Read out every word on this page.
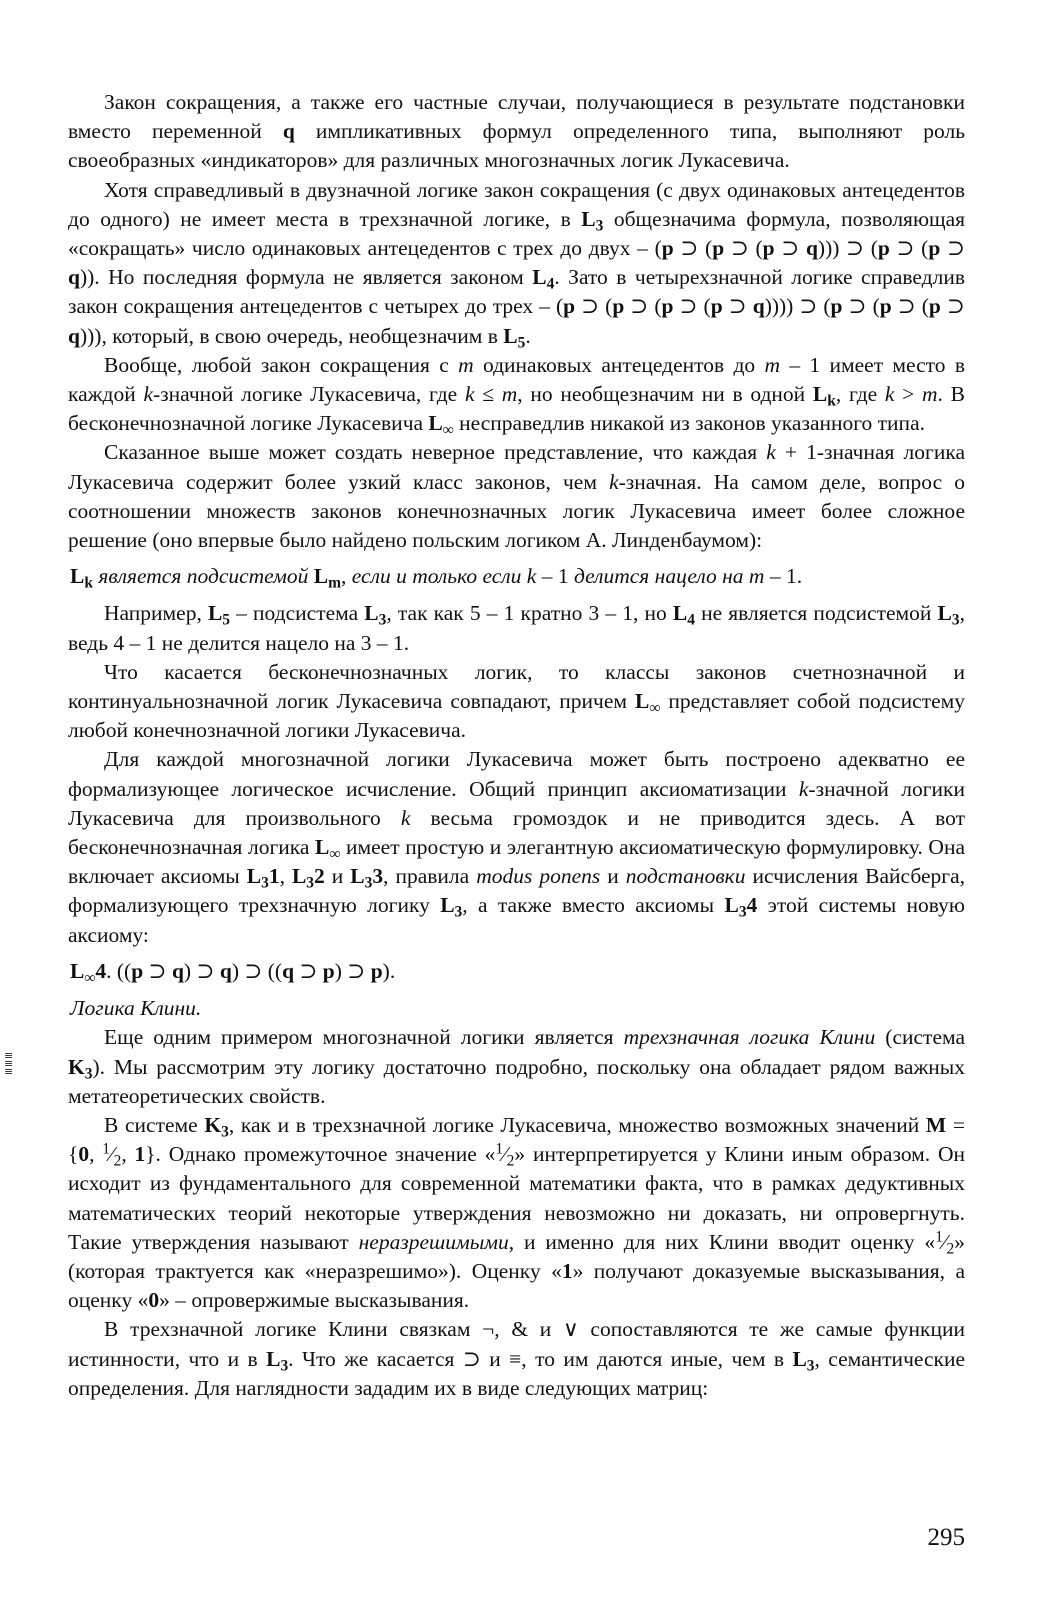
Закон сокращения, а также его частные случаи, получающиеся в результате подстановки вместо переменной q импликативных формул определенного типа, выполняют роль своеобразных «индикаторов» для различных многозначных логик Лукасевича.

Хотя справедливый в двузначной логике закон сокращения (с двух одинаковых антецедентов до одного) не имеет места в трехзначной логике, в $L_3$ общезначима формула, позволяющая «сокращать» число одинаковых антецедентов с трех до двух – (p ⊃ (p ⊃ (p ⊃ q))) ⊃ (p ⊃ (p ⊃ q)). Но последняя формула не является законом $L_4$. Зато в четырехзначной логике справедлив закон сокращения антецедентов с четырех до трех – (p ⊃ (p ⊃ (p ⊃ (p ⊃ q)))) ⊃ (p ⊃ (p ⊃ (p ⊃ q))), который, в свою очередь, необщезначим в $L_5$.

Вообще, любой закон сокращения с m одинаковых антецедентов до m – 1 имеет место в каждой k-значной логике Лукасевича, где k ≤ m, но необщезначим ни в одной $L_k$, где k > m. В бесконечнозначной логике Лукасевича $L_\infty$ несправедлив никакой из законов указанного типа.

Сказанное выше может создать неверное представление, что каждая k + 1-значная логика Лукасевича содержит более узкий класс законов, чем k-значная. На самом деле, вопрос о соотношении множеств законов конечнозначных логик Лукасевича имеет более сложное решение (оно впервые было найдено польским логиком А. Линденбаумом):

$L_k$ является подсистемой $L_m$, если и только если k – 1 делится нацело на m – 1.

Например, $L_5$ – подсистема $L_3$, так как 5 – 1 кратно 3 – 1, но $L_4$ не является подсистемой $L_3$, ведь 4 – 1 не делится нацело на 3 – 1.

Что касается бесконечнозначных логик, то классы законов счетнозначной и континуальнозначной логик Лукасевича совпадают, причем $L_\infty$ представляет собой подсистему любой конечнозначной логики Лукасевича.

Для каждой многозначной логики Лукасевича может быть построено адекватно ее формализующее логическое исчисление. Общий принцип аксиоматизации k-значной логики Лукасевича для произвольного k весьма громоздок и не приводится здесь. А вот бесконечнозначная логика $L_\infty$ имеет простую и элегантную аксиоматическую формулировку. Она включает аксиомы $L_31$, $L_32$ и $L_33$, правила modus ponens и подстановки исчисления Вайсберга, формализующего трехзначную логику $L_3$, а также вместо аксиомы $L_34$ этой системы новую аксиому:

$L_\infty 4$. ((p ⊃ q) ⊃ q) ⊃ ((q ⊃ p) ⊃ p).

Логика Клини.

Еще одним примером многозначной логики является трехзначная логика Клини (система $K_3$). Мы рассмотрим эту логику достаточно подробно, поскольку она обладает рядом важных метатеоретических свойств.

В системе $K_3$, как и в трехзначной логике Лукасевича, множество возможных значений M = {0, $^1⁄_2$, 1}. Однако промежуточное значение «$^1⁄_2$» интерпретируется у Клини иным образом. Он исходит из фундаментального для современной математики факта, что в рамках дедуктивных математических теорий некоторые утверждения невозможно ни доказать, ни опровергнуть. Такие утверждения называют неразрешимыми, и именно для них Клини вводит оценку «$^1⁄_2$» (которая трактуется как «неразрешимо»). Оценку «1» получают доказуемые высказывания, а оценку «0» – опровержимые высказывания.

В трехзначной логике Клини связкам ¬, & и ∨ сопоставляются те же самые функции истинности, что и в $L_3$. Что же касается ⊃ и ≡, то им даются иные, чем в $L_3$, семантические определения. Для наглядности зададим их в виде следующих матриц:

≡
≡
≡
295
